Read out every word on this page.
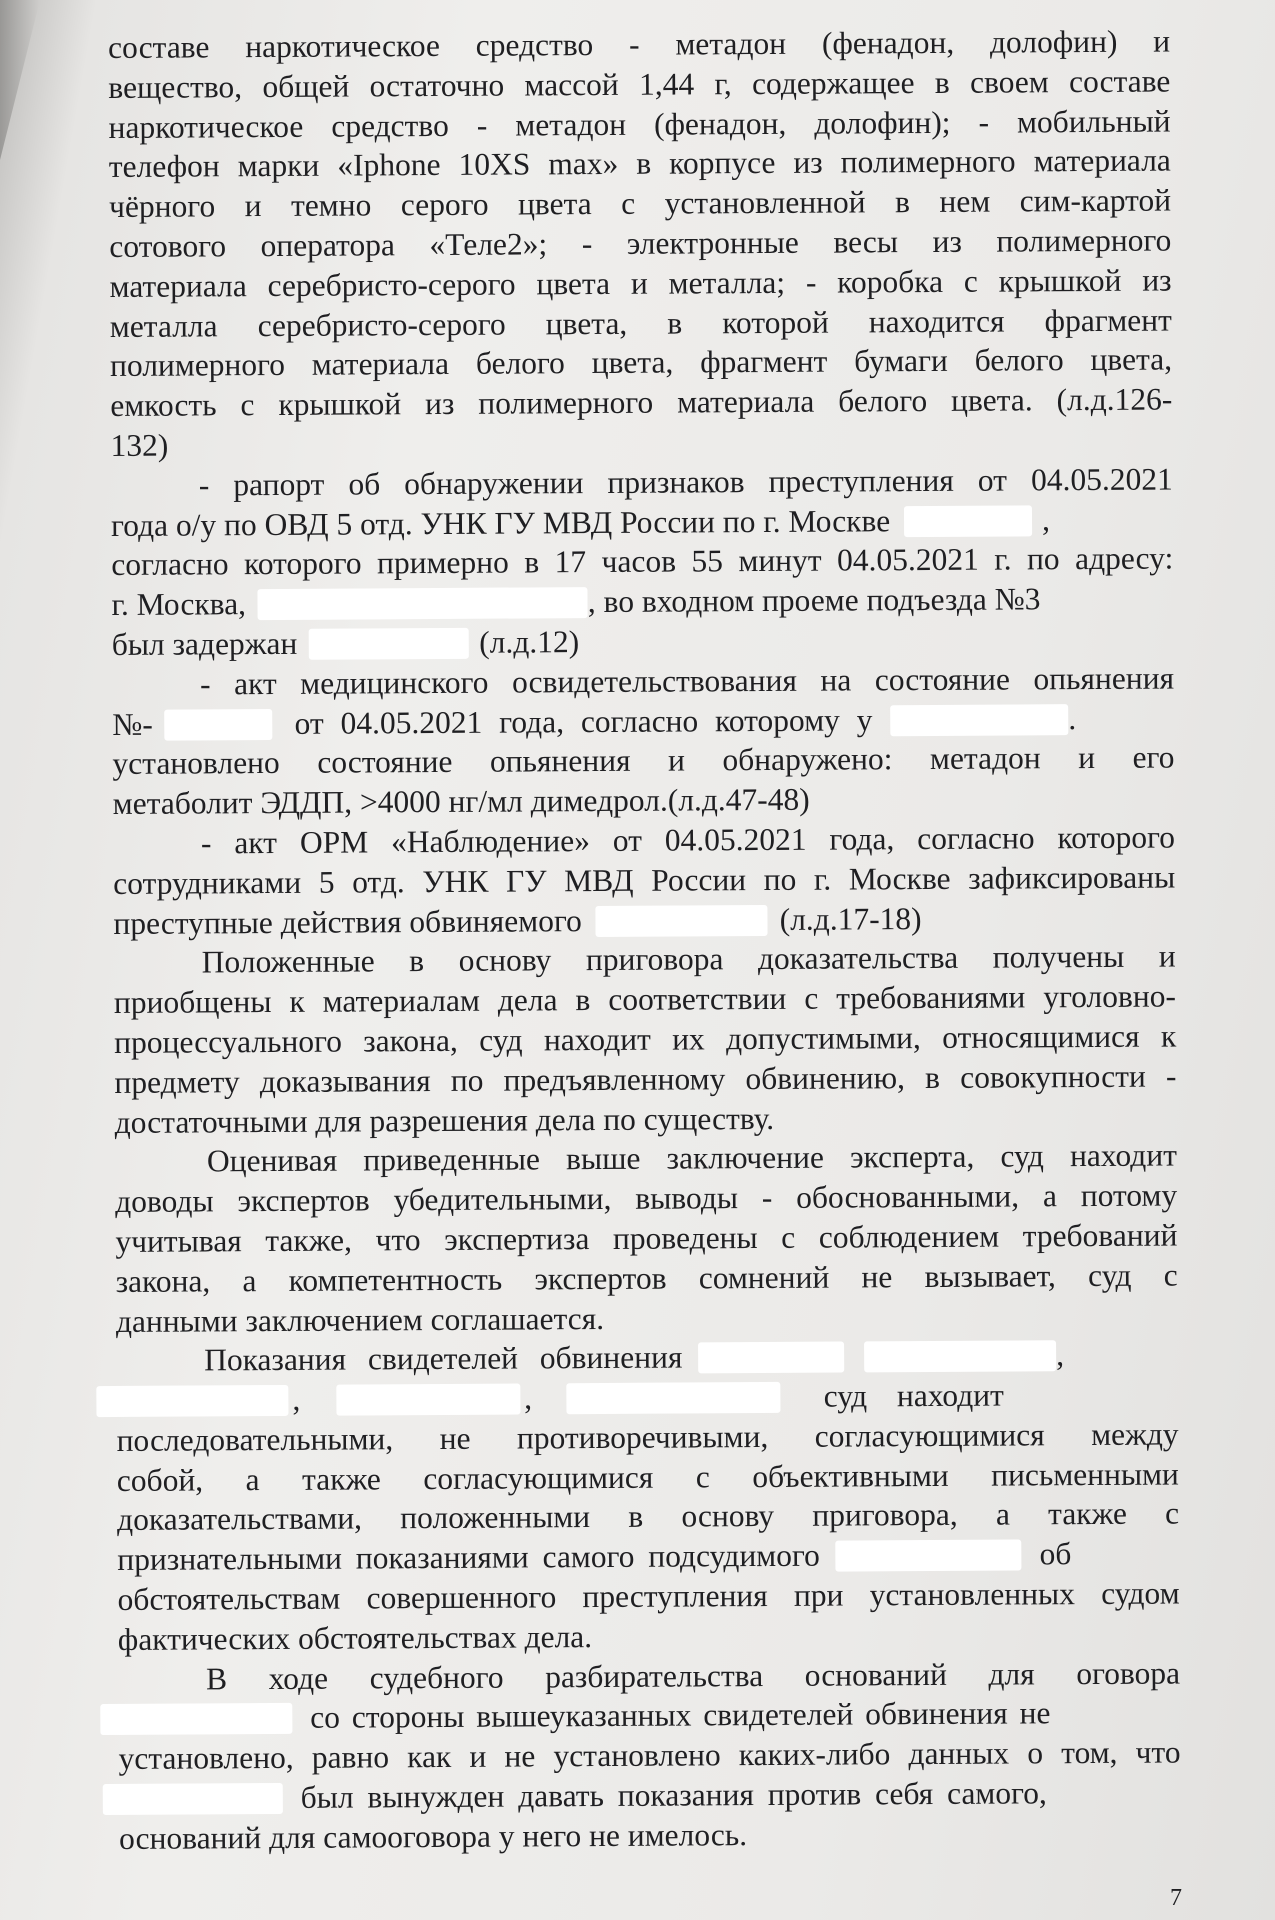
составе наркотическое средство - метадон (фенадон, долофин) и
вещество, общей остаточно массой 1,44 г, содержащее в своем составе
наркотическое средство - метадон (фенадон, долофин); - мобильный
телефон марки «Iphone 10XS max» в корпусе из полимерного материала
чёрного и темно серого цвета с установленной в нем сим-картой
сотового оператора «Теле2»; - электронные весы из полимерного
материала серебристо-серого цвета и металла; - коробка с крышкой из
металла серебристо-серого цвета, в которой находится фрагмент
полимерного материала белого цвета, фрагмент бумаги белого цвета,
емкость с крышкой из полимерного материала белого цвета. (л.д.126-
132)
- рапорт об обнаружении признаков преступления от 04.05.2021
года о/у по ОВД 5 отд. УНК ГУ МВД России по г. Москве	,
согласно которого примерно в 17 часов 55 минут 04.05.2021 г. по адресу:
г. Москва,	, во входном проеме подъезда №3
был задержан	(л.д.12)
- акт медицинского освидетельствования на состояние опьянения
№-	от 04.05.2021 года, согласно которому у	.
установлено состояние опьянения и обнаружено: метадон и его
метаболит ЭДДП, >4000 нг/мл димедрол.(л.д.47-48)
- акт ОРМ «Наблюдение» от 04.05.2021 года, согласно которого
сотрудниками 5 отд. УНК ГУ МВД России по г. Москве зафиксированы
преступные действия обвиняемого	(л.д.17-18)
Положенные в основу приговора доказательства получены и
приобщены к материалам дела в соответствии с требованиями уголовно-
процессуального закона, суд находит их допустимыми, относящимися к
предмету доказывания по предъявленному обвинению, в совокупности -
достаточными для разрешения дела по существу.
Оценивая приведенные выше заключение эксперта, суд находит
доводы экспертов убедительными, выводы - обоснованными, а потому
учитывая также, что экспертиза проведены с соблюдением требований
закона, а компетентность экспертов сомнений не вызывает, суд с
данными заключением соглашается.
Показания свидетелей обвинения	,
,	,	суд находит
последовательными, не противоречивыми, согласующимися между
собой, а также согласующимися с объективными письменными
доказательствами, положенными в основу приговора, а также с
признательными показаниями самого подсудимого	об
обстоятельствам совершенного преступления при установленных судом
фактических обстоятельствах дела.
В ходе судебного разбирательства оснований для оговора
со стороны вышеуказанных свидетелей обвинения не
установлено, равно как и не установлено каких-либо данных о том, что
был вынужден давать показания против себя самого,
оснований для самооговора у него не имелось.
7
